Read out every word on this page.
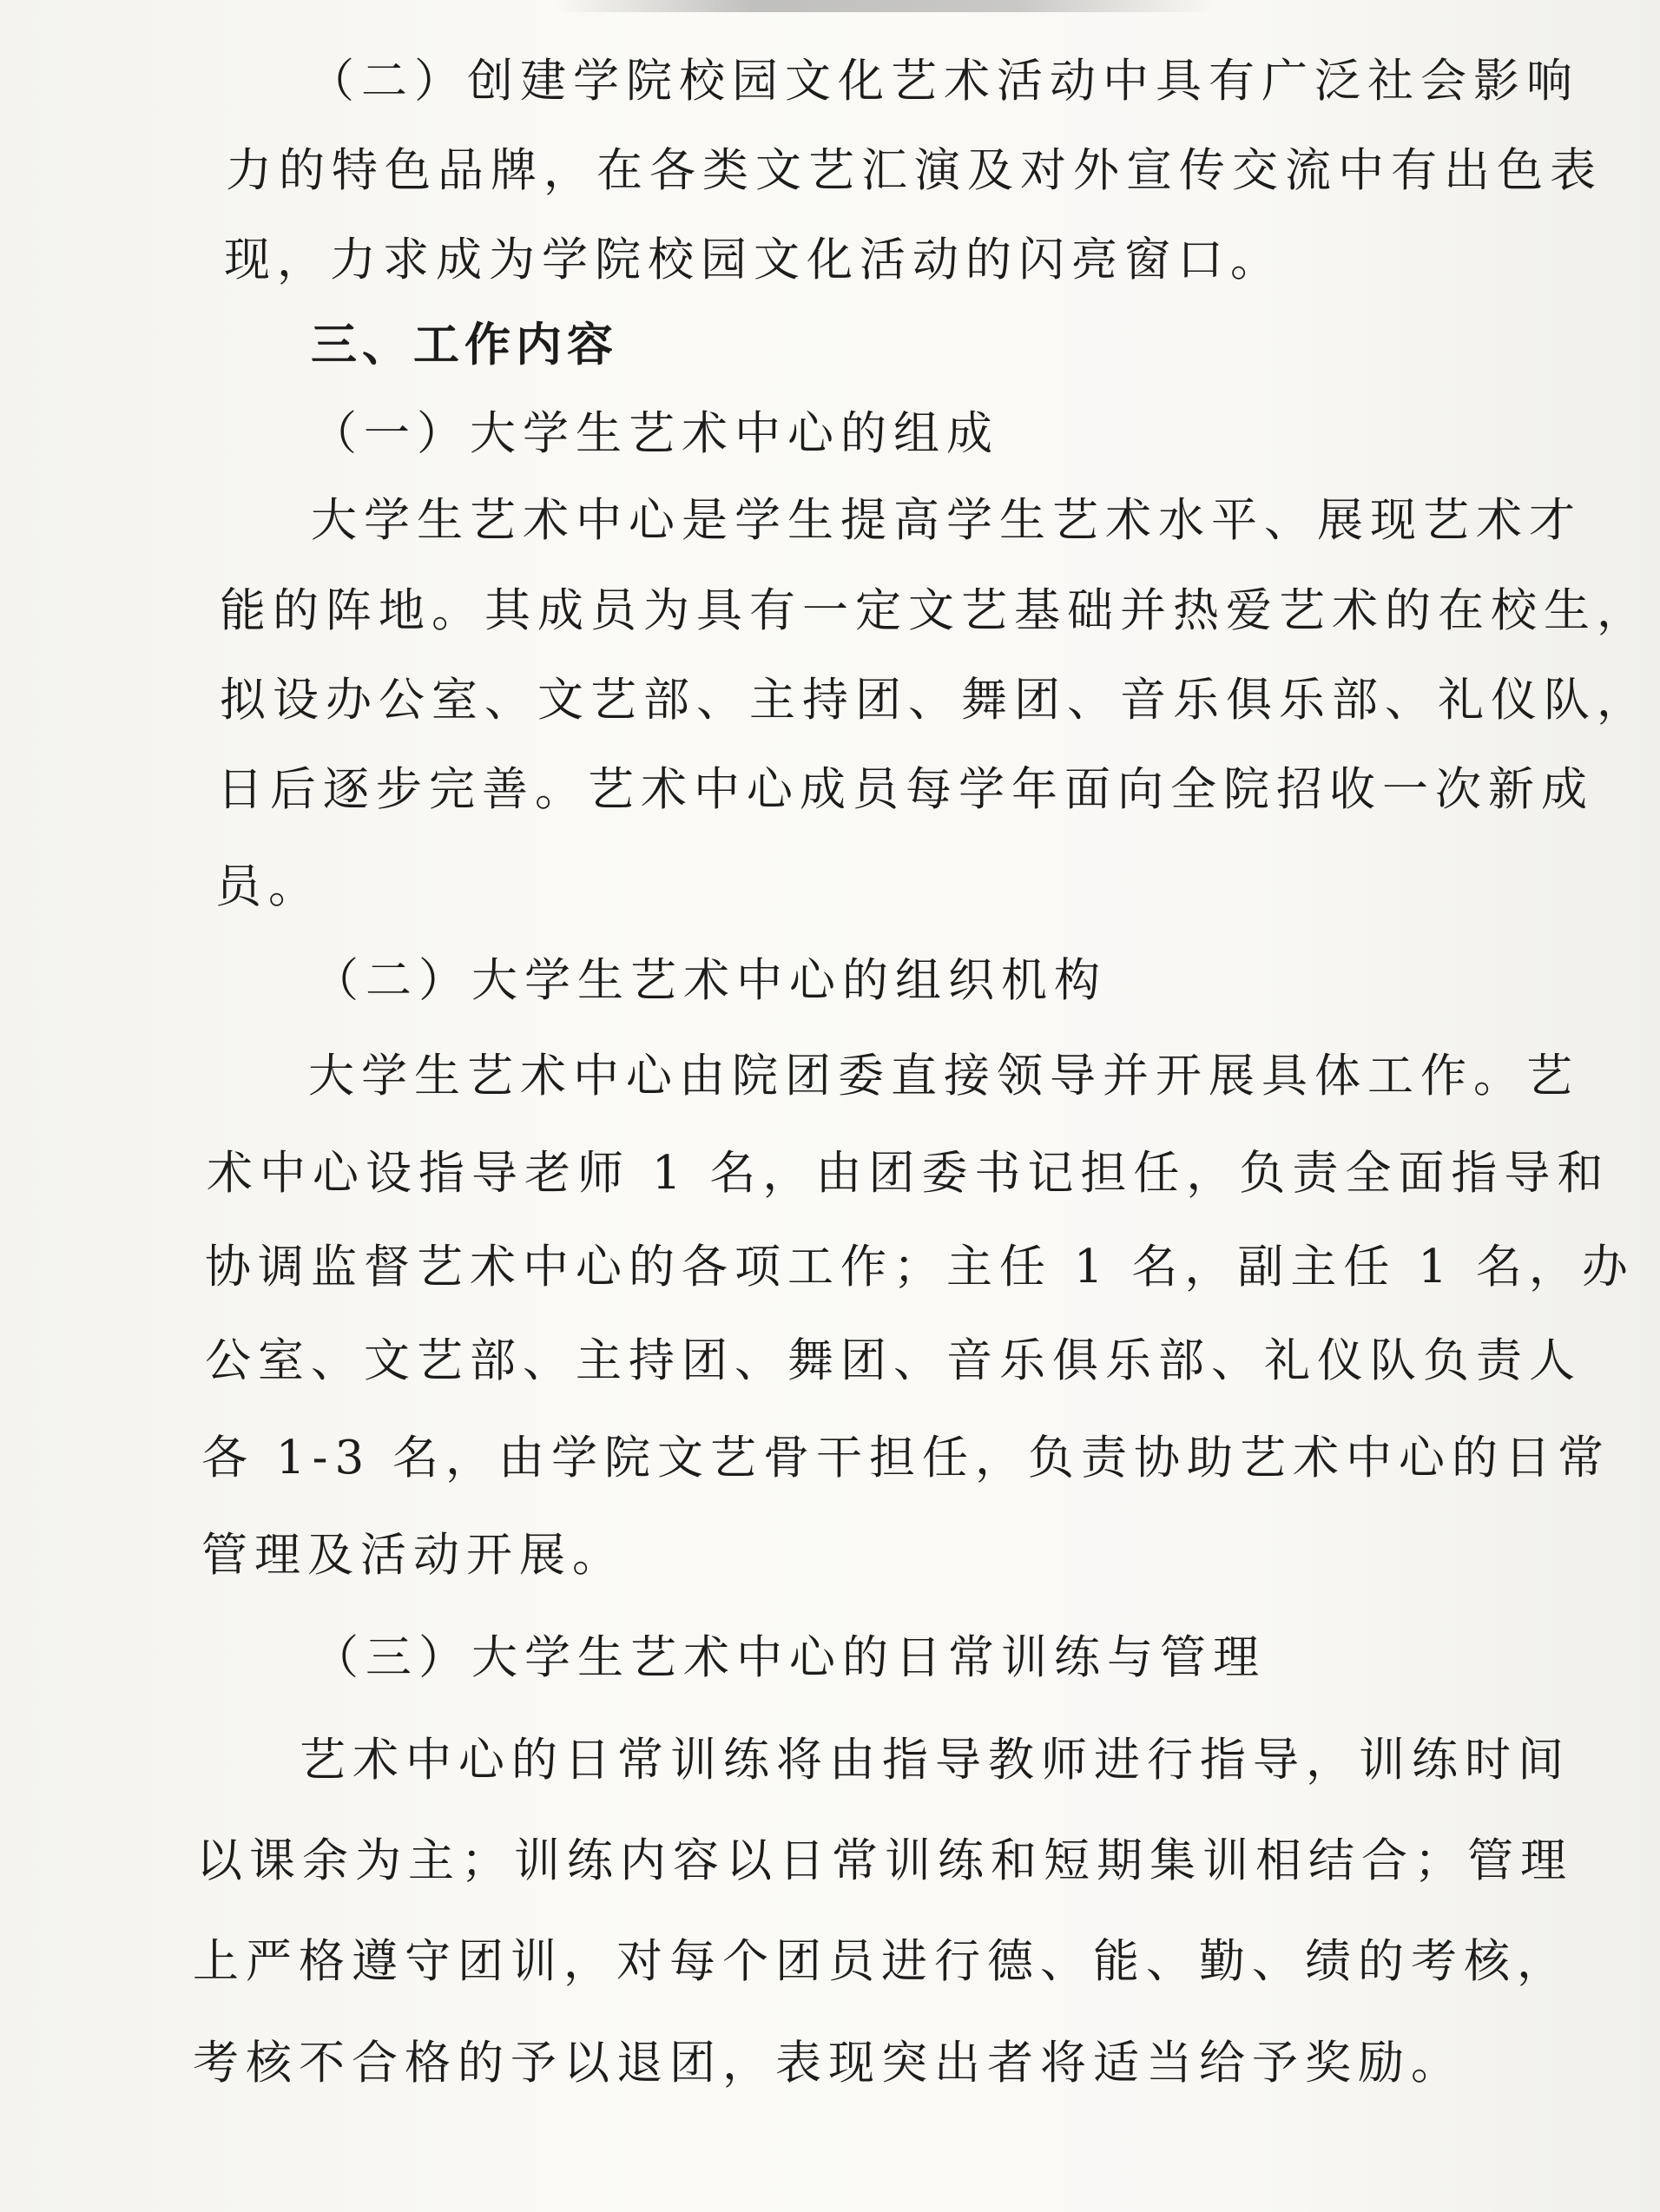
（二）创建学院校园文化艺术活动中具有广泛社会影响
力的特色品牌，在各类文艺汇演及对外宣传交流中有出色表
现，力求成为学院校园文化活动的闪亮窗口。
三、工作内容
（一）大学生艺术中心的组成
大学生艺术中心是学生提高学生艺术水平、展现艺术才
能的阵地。其成员为具有一定文艺基础并热爱艺术的在校生，
拟设办公室、文艺部、主持团、舞团、音乐俱乐部、礼仪队，
日后逐步完善。艺术中心成员每学年面向全院招收一次新成
员。
（二）大学生艺术中心的组织机构
大学生艺术中心由院团委直接领导并开展具体工作。艺
术中心设指导老师 1 名，由团委书记担任，负责全面指导和
协调监督艺术中心的各项工作；主任 1 名，副主任 1 名，办
公室、文艺部、主持团、舞团、音乐俱乐部、礼仪队负责人
各 1-3 名，由学院文艺骨干担任，负责协助艺术中心的日常
管理及活动开展。
（三）大学生艺术中心的日常训练与管理
艺术中心的日常训练将由指导教师进行指导，训练时间
以课余为主；训练内容以日常训练和短期集训相结合；管理
上严格遵守团训，对每个团员进行德、能、勤、绩的考核，
考核不合格的予以退团，表现突出者将适当给予奖励。
